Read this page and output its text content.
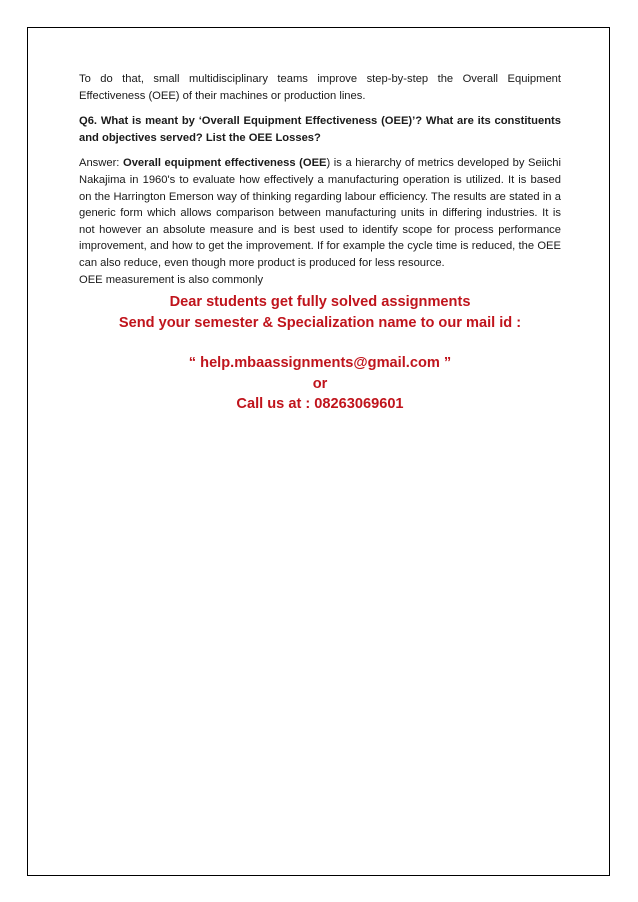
To do that, small multidisciplinary teams improve step-by-step the Overall Equipment Effectiveness (OEE) of their machines or production lines.

Q6. What is meant by ‘Overall Equipment Effectiveness (OEE)’? What are its constituents and objectives served? List the OEE Losses?

Answer: Overall equipment effectiveness (OEE) is a hierarchy of metrics developed by Seiichi Nakajima in 1960's to evaluate how effectively a manufacturing operation is utilized. It is based on the Harrington Emerson way of thinking regarding labour efficiency. The results are stated in a generic form which allows comparison between manufacturing units in differing industries. It is not however an absolute measure and is best used to identify scope for process performance improvement, and how to get the improvement. If for example the cycle time is reduced, the OEE can also reduce, even though more product is produced for less resource.

OEE measurement is also commonly

Dear students get fully solved assignments
Send your semester & Specialization name to our mail id :
“ help.mbaassignments@gmail.com ”
or
Call us at : 08263069601
